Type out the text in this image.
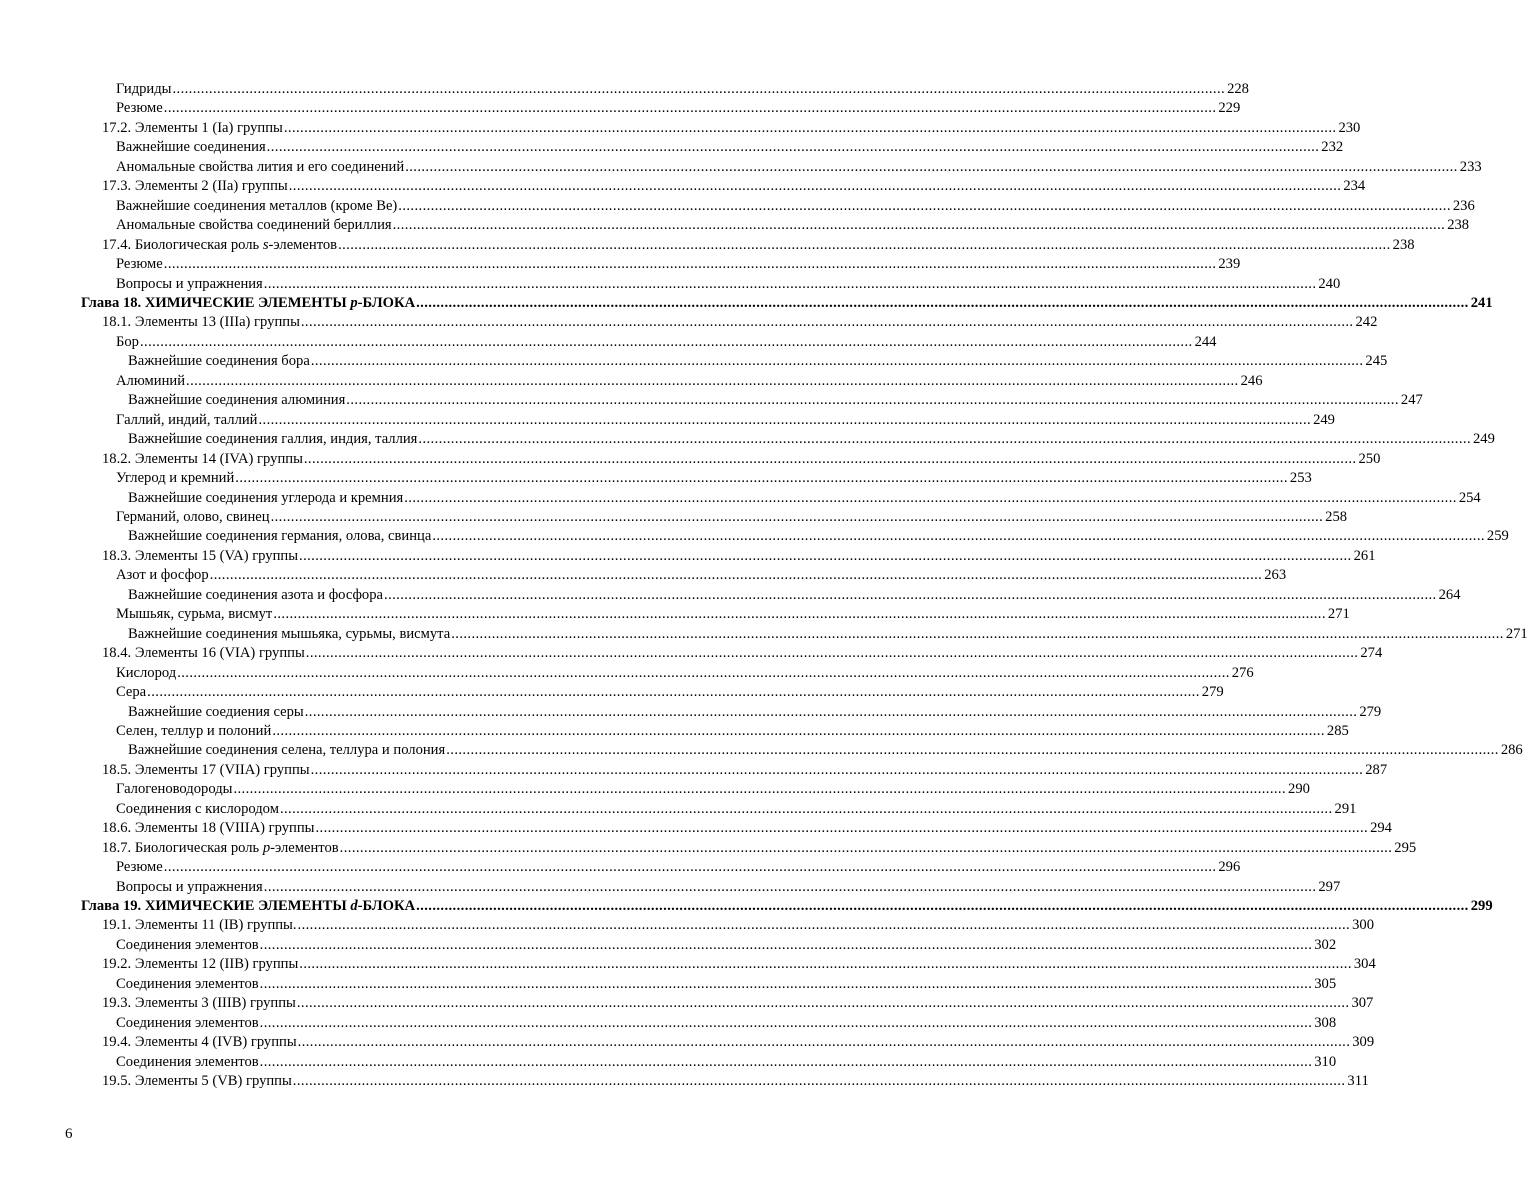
Гидриды .................................................................................................................................................................................................................................................................... 228
Резюме .................................................................................................................................................................................................................................................................... 229
17.2. Элементы 1 (Iа) группы .................................................................................................................................................................................................................................................................... 230
Важнейшие соединения .................................................................................................................................................................................................................................................................... 232
Аномальные свойства лития и его соединений .................................................................................................................................................................................................................................................................... 233
17.3. Элементы 2 (IIа) группы .................................................................................................................................................................................................................................................................... 234
Важнейшие соединения металлов (кроме Be) .................................................................................................................................................................................................................................................................... 236
Аномальные свойства соединений бериллия .................................................................................................................................................................................................................................................................... 238
17.4. Биологическая роль s-элементов .................................................................................................................................................................................................................................................................... 238
Резюме .................................................................................................................................................................................................................................................................... 239
Вопросы и упражнения .................................................................................................................................................................................................................................................................... 240
Глава 18. ХИМИЧЕСКИЕ ЭЛЕМЕНТЫ p-БЛОКА .................................................................................................................................................................................................................................................................... 241
18.1. Элементы 13 (IIIa) группы .................................................................................................................................................................................................................................................................... 242
Бор .................................................................................................................................................................................................................................................................... 244
Важнейшие соединения бора .................................................................................................................................................................................................................................................................... 245
Алюминий .................................................................................................................................................................................................................................................................... 246
Важнейшие соединения алюминия .................................................................................................................................................................................................................................................................... 247
Галлий, индий, таллий .................................................................................................................................................................................................................................................................... 249
Важнейшие соединения галлия, индия, таллия .................................................................................................................................................................................................................................................................... 249
18.2. Элементы 14 (IVA) группы .................................................................................................................................................................................................................................................................... 250
Углерод и кремний .................................................................................................................................................................................................................................................................... 253
Важнейшие соединения углерода и кремния .................................................................................................................................................................................................................................................................... 254
Германий, олово, свинец .................................................................................................................................................................................................................................................................... 258
Важнейшие соединения германия, олова, свинца .................................................................................................................................................................................................................................................................... 259
18.3. Элементы 15 (VA) группы .................................................................................................................................................................................................................................................................... 261
Азот и фосфор .................................................................................................................................................................................................................................................................... 263
Важнейшие соединения азота и фосфора .................................................................................................................................................................................................................................................................... 264
Мышьяк, сурьма, висмут .................................................................................................................................................................................................................................................................... 271
Важнейшие соединения мышьяка, сурьмы, висмута .................................................................................................................................................................................................................................................................... 271
18.4. Элементы 16 (VIA) группы .................................................................................................................................................................................................................................................................... 274
Кислород .................................................................................................................................................................................................................................................................... 276
Сера .................................................................................................................................................................................................................................................................... 279
Важнейшие соедиения серы .................................................................................................................................................................................................................................................................... 279
Селен, теллур и полоний .................................................................................................................................................................................................................................................................... 285
Важнейшие соединения селена, теллура и полония .................................................................................................................................................................................................................................................................... 286
18.5. Элементы 17 (VIIA) группы .................................................................................................................................................................................................................................................................... 287
Галогеноводороды .................................................................................................................................................................................................................................................................... 290
Соединения с кислородом .................................................................................................................................................................................................................................................................... 291
18.6. Элементы 18 (VIIIA) группы .................................................................................................................................................................................................................................................................... 294
18.7. Биологическая роль p-элементов .................................................................................................................................................................................................................................................................... 295
Резюме .................................................................................................................................................................................................................................................................... 296
Вопросы и упражнения .................................................................................................................................................................................................................................................................... 297
Глава 19. ХИМИЧЕСКИЕ ЭЛЕМЕНТЫ d-БЛОКА .................................................................................................................................................................................................................................................................... 299
19.1. Элементы 11 (IB) группы. .................................................................................................................................................................................................................................................................... 300
Соединения элементов .................................................................................................................................................................................................................................................................... 302
19.2. Элементы 12 (IIB) группы .................................................................................................................................................................................................................................................................... 304
Соединения элементов .................................................................................................................................................................................................................................................................... 305
19.3. Элементы 3 (IIIB) группы .................................................................................................................................................................................................................................................................... 307
Соединения элементов .................................................................................................................................................................................................................................................................... 308
19.4. Элементы 4 (IVB) группы .................................................................................................................................................................................................................................................................... 309
Соединения элементов .................................................................................................................................................................................................................................................................... 310
19.5. Элементы 5 (VB) группы .................................................................................................................................................................................................................................................................... 311
6
